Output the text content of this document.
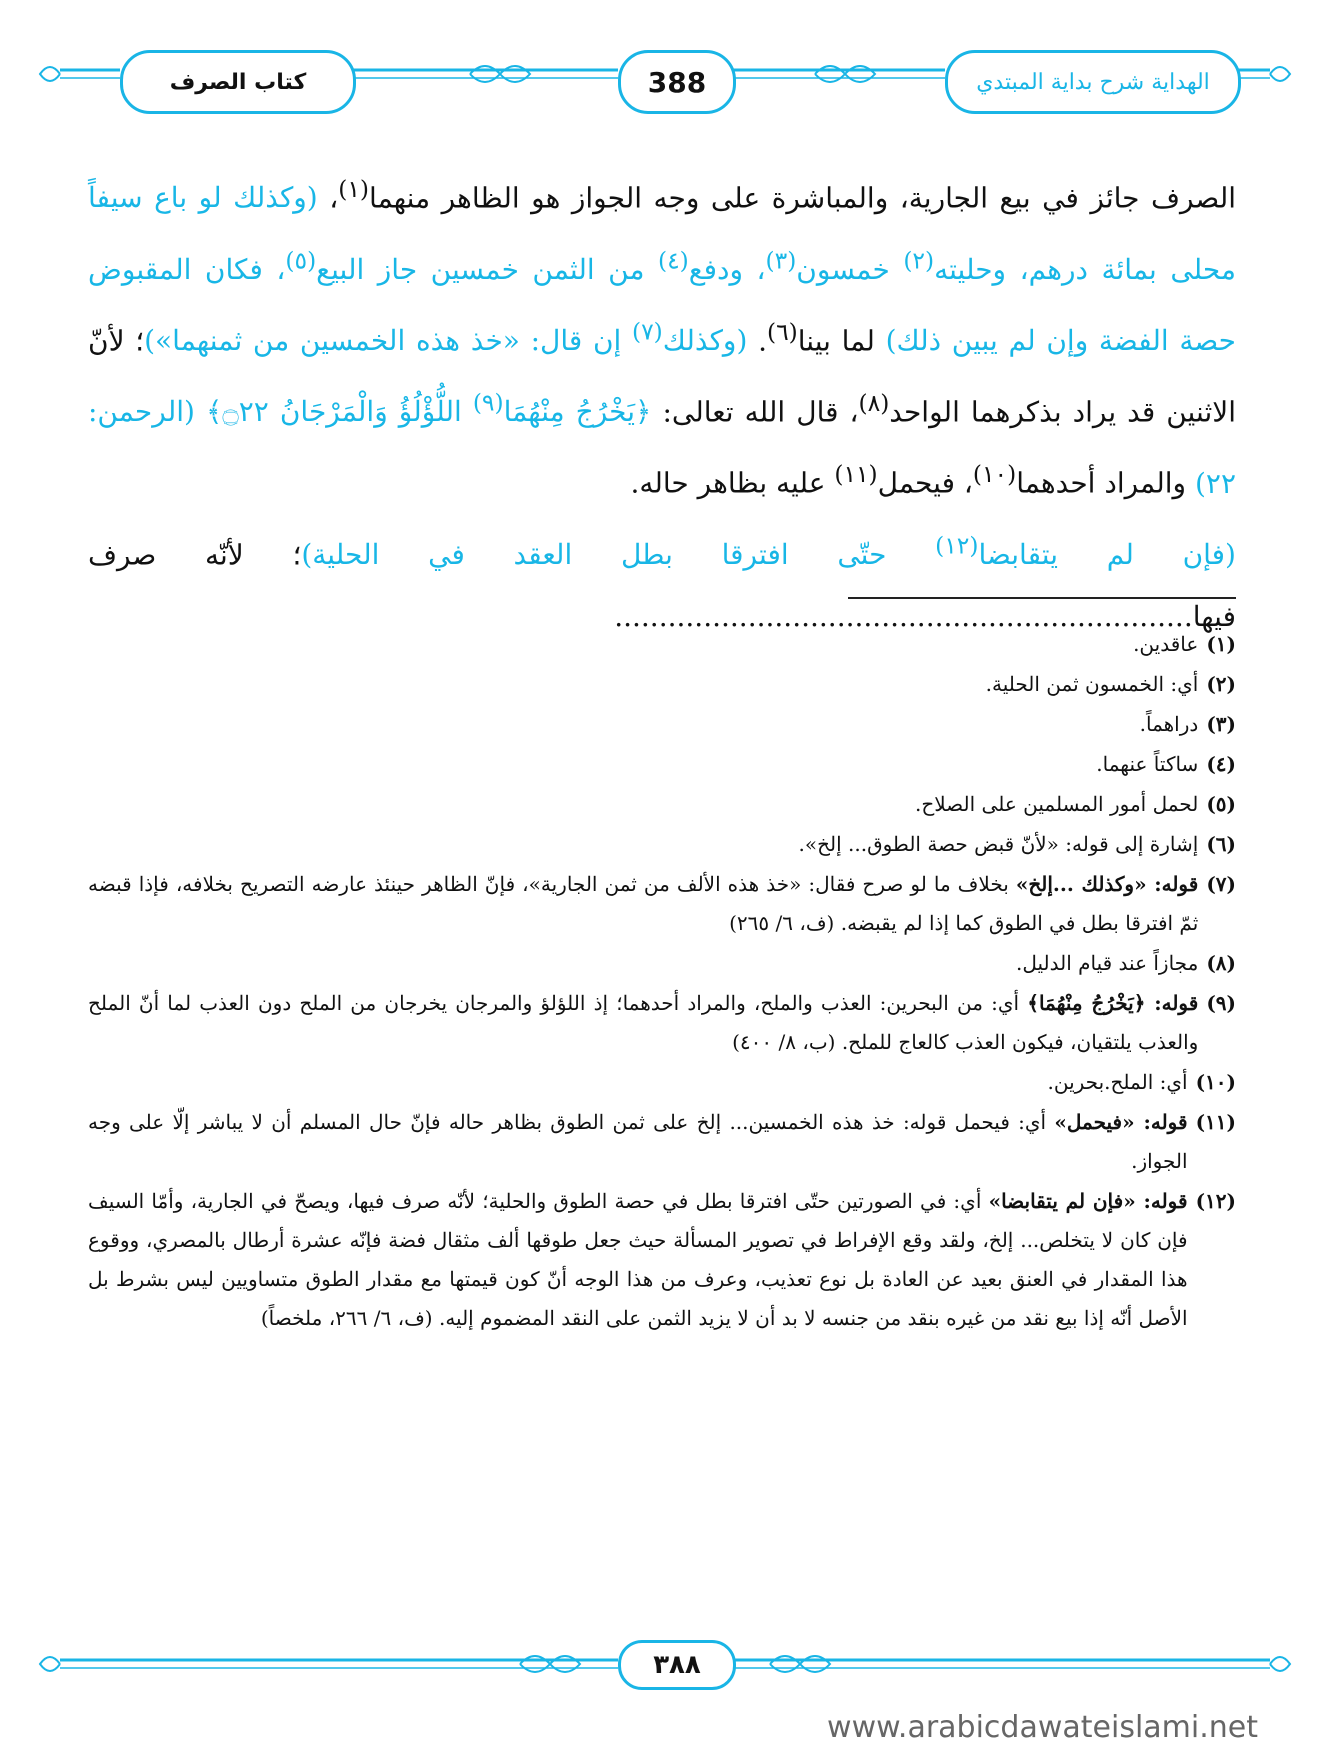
كتاب الصرف	388	الهداية شرح بداية المبتدي

الصرف جائز في بيع الجارية، والمباشرة على وجه الجواز هو الظاهر منهما$^{(١)}$، (وكذلك لو باع سيفاً محلى بمائة درهم، وحليته$^{(٢)}$ خمسون$^{(٣)}$، ودفع$^{(٤)}$ من الثمن خمسين جاز البيع$^{(٥)}$، فكان المقبوض حصة الفضة وإن لم يبين ذلك) لما بينا$^{(٦)}$. (وكذلك$^{(٧)}$ إن قال: «خذ هذه الخمسين من ثمنهما»)؛ لأنّ الاثنين قد يراد بذكرهما الواحد$^{(٨)}$، قال الله تعالى: ﴿يَخْرُجُ مِنْهُمَا$^{(٩)}$ اللُّؤْلُؤُ وَالْمَرْجَانُ ۝٢٢﴾ (الرحمن: ٢٢) والمراد أحدهما$^{(١٠)}$، فيحمل$^{(١١)}$ عليه بظاهر حاله.

(فإن لم يتقابضا$^{(١٢)}$ حتّى افترقا بطل العقد في الحلية)؛ لأنّه صرف فيها.................................................................

(١)
عاقدين.
(٢)
أي: الخمسون ثمن الحلية.
(٣)
دراهماً.
(٤)
ساكتاً عنهما.
(٥)
لحمل أمور المسلمين على الصلاح.
(٦)
إشارة إلى قوله: «لأنّ قبض حصة الطوق... إلخ».
(٧)
قوله: «وكذلك ...إلخ» بخلاف ما لو صرح فقال: «خذ هذه الألف من ثمن الجارية»، فإنّ الظاهر حينئذ عارضه التصريح بخلافه، فإذا قبضه ثمّ افترقا بطل في الطوق كما إذا لم يقبضه. (ف، ٦/ ٢٦٥)
(٨)
مجازاً عند قيام الدليل.
(٩)
قوله: ﴿يَخْرُجُ مِنْهُمَا﴾ أي: من البحرين: العذب والملح، والمراد أحدهما؛ إذ اللؤلؤ والمرجان يخرجان من الملح دون العذب لما أنّ الملح والعذب يلتقيان، فيكون العذب كالعاج للملح. (ب، ٨/ ٤٠٠)
(١٠)
أي: الملح.بحرين.
(١١)
قوله: «فيحمل» أي: فيحمل قوله: خذ هذه الخمسين... إلخ على ثمن الطوق بظاهر حاله فإنّ حال المسلم أن لا يباشر إلّا على وجه الجواز.
(١٢)
قوله: «فإن لم يتقابضا» أي: في الصورتين حتّى افترقا بطل في حصة الطوق والحلية؛ لأنّه صرف فيها، ويصحّ في الجارية، وأمّا السيف فإن كان لا يتخلص... إلخ، ولقد وقع الإفراط في تصوير المسألة حيث جعل طوقها ألف مثقال فضة فإنّه عشرة أرطال بالمصري، ووقوع هذا المقدار في العنق بعيد عن العادة بل نوع تعذيب، وعرف من هذا الوجه أنّ كون قيمتها مع مقدار الطوق متساويين ليس بشرط بل الأصل أنّه إذا بيع نقد من غيره بنقد من جنسه لا بد أن لا يزيد الثمن على النقد المضموم إليه. (ف، ٦/ ٢٦٦، ملخصاً)
٣٨٨
www.arabicdawateislami.net
